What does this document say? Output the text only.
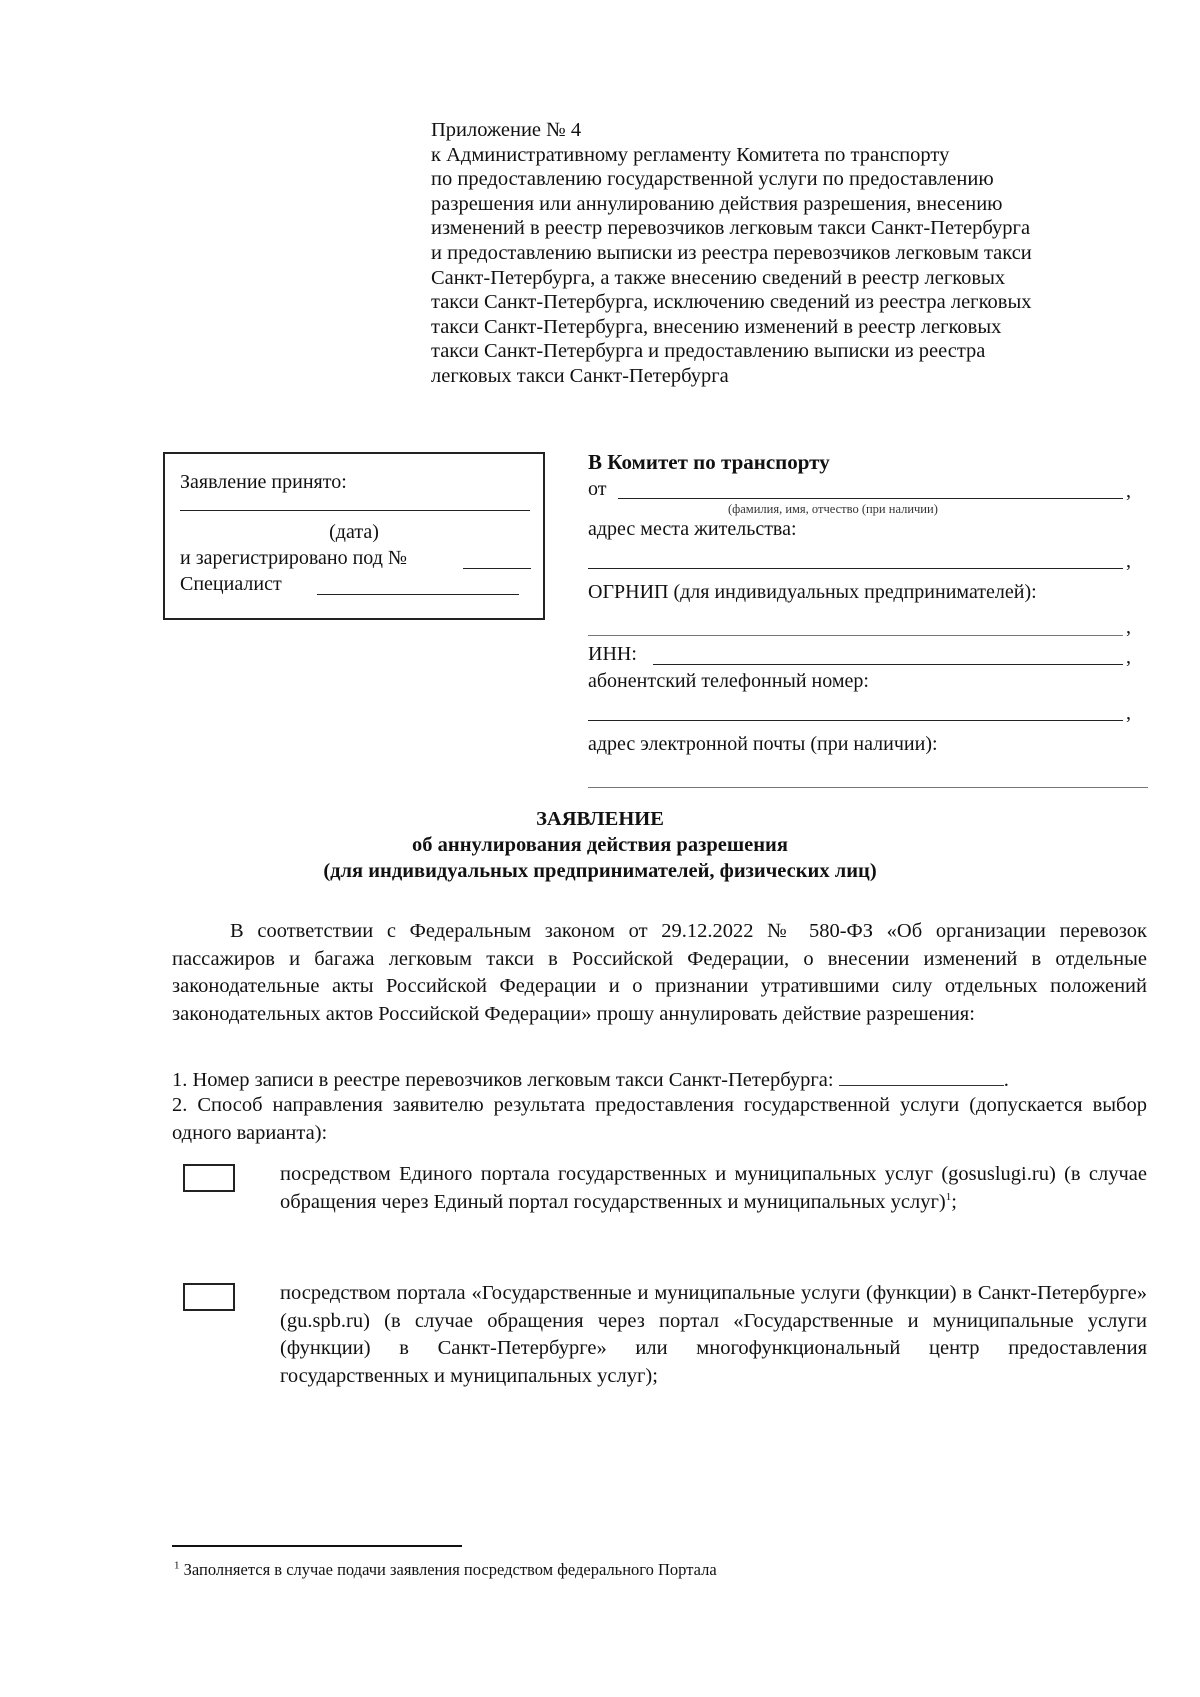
Приложение № 4
к Административному регламенту Комитета по транспорту
по предоставлению государственной услуги по предоставлению
разрешения или аннулированию действия разрешения, внесению
изменений в реестр перевозчиков легковым такси Санкт-Петербурга
и предоставлению выписки из реестра перевозчиков легковым такси
Санкт-Петербурга, а также внесению сведений в реестр легковых
такси Санкт-Петербурга, исключению сведений из реестра легковых
такси Санкт-Петербурга, внесению изменений в реестр легковых
такси Санкт-Петербурга и предоставлению выписки из реестра
легковых такси Санкт-Петербурга
Заявление принято:
(дата)
и зарегистрировано под №
Специалист
В Комитет по транспорту
от	,
(фамилия, имя, отчество (при наличии)
адрес места жительства:
,
ОГРНИП (для индивидуальных предпринимателей):
,
ИНН:	,
абонентский телефонный номер:
,
адрес электронной почты (при наличии):
ЗАЯВЛЕНИЕ
об аннулирования действия разрешения
(для индивидуальных предпринимателей, физических лиц)
В соответствии с Федеральным законом от 29.12.2022 № 580-ФЗ «Об организации перевозок пассажиров и багажа легковым такси в Российской Федерации, о внесении изменений в отдельные законодательные акты Российской Федерации и о признании утратившими силу отдельных положений законодательных актов Российской Федерации» прошу аннулировать действие разрешения:
1. Номер записи в реестре перевозчиков легковым такси Санкт-Петербурга:	.
2. Способ направления заявителю результата предоставления государственной услуги (допускается выбор одного варианта):
посредством Единого портала государственных и муниципальных услуг (gosuslugi.ru) (в случае обращения через Единый портал государственных и муниципальных услуг)$^1$;
посредством портала «Государственные и муниципальные услуги (функции) в Санкт-Петербурге» (gu.spb.ru) (в случае обращения через портал «Государственные и муниципальные услуги (функции) в Санкт-Петербурге» или многофункциональный центр предоставления государственных и муниципальных услуг);
$^1$ Заполняется в случае подачи заявления посредством федерального Портала
